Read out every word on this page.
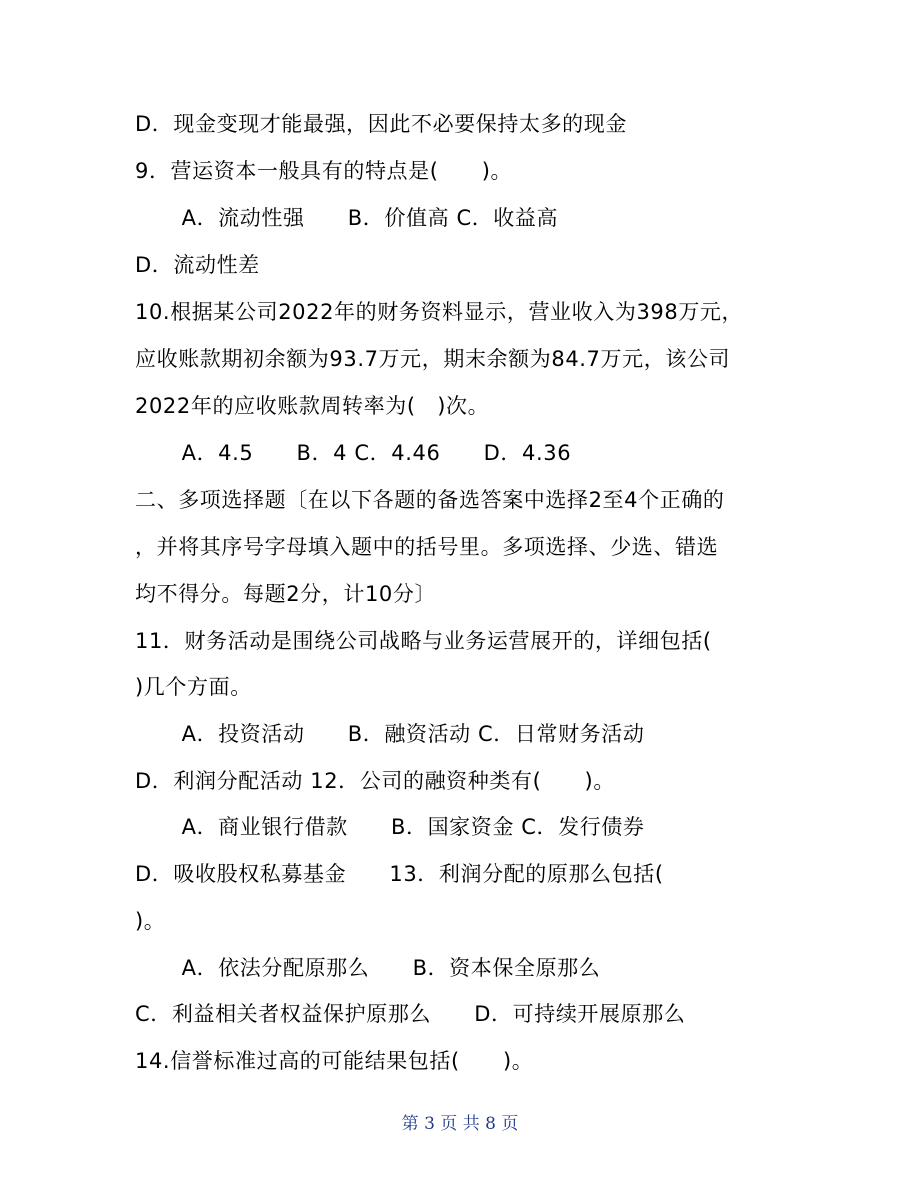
D．现金变现才能最强，因此不必要保持太多的现金
9．营运资本一般具有的特点是(　　)。
　A．流动性强　　B．价值高 C．收益高
D．流动性差
10.根据某公司2022年的财务资料显示，营业收入为398万元，
应收账款期初余额为93.7万元，期末余额为84.7万元，该公司
2022年的应收账款周转率为(　)次。
　A．4.5　　B．4 C．4.46　　D．4.36
二、多项选择题〔在以下各题的备选答案中选择2至4个正确的
，并将其序号字母填入题中的括号里。多项选择、少选、错选
均不得分。每题2分，计10分〕
11．财务活动是围绕公司战略与业务运营展开的，详细包括(
)几个方面。
　A．投资活动　　B．融资活动 C．日常财务活动
D．利润分配活动 12．公司的融资种类有(　　)。
　A．商业银行借款　　B．国家资金 C．发行债券
D．吸收股权私募基金　　13．利润分配的原那么包括(
)。
　A．依法分配原那么　　B．资本保全原那么
C．利益相关者权益保护原那么　　D．可持续开展原那么
14.信誉标准过高的可能结果包括(　　)。
第 3 页 共 8 页
